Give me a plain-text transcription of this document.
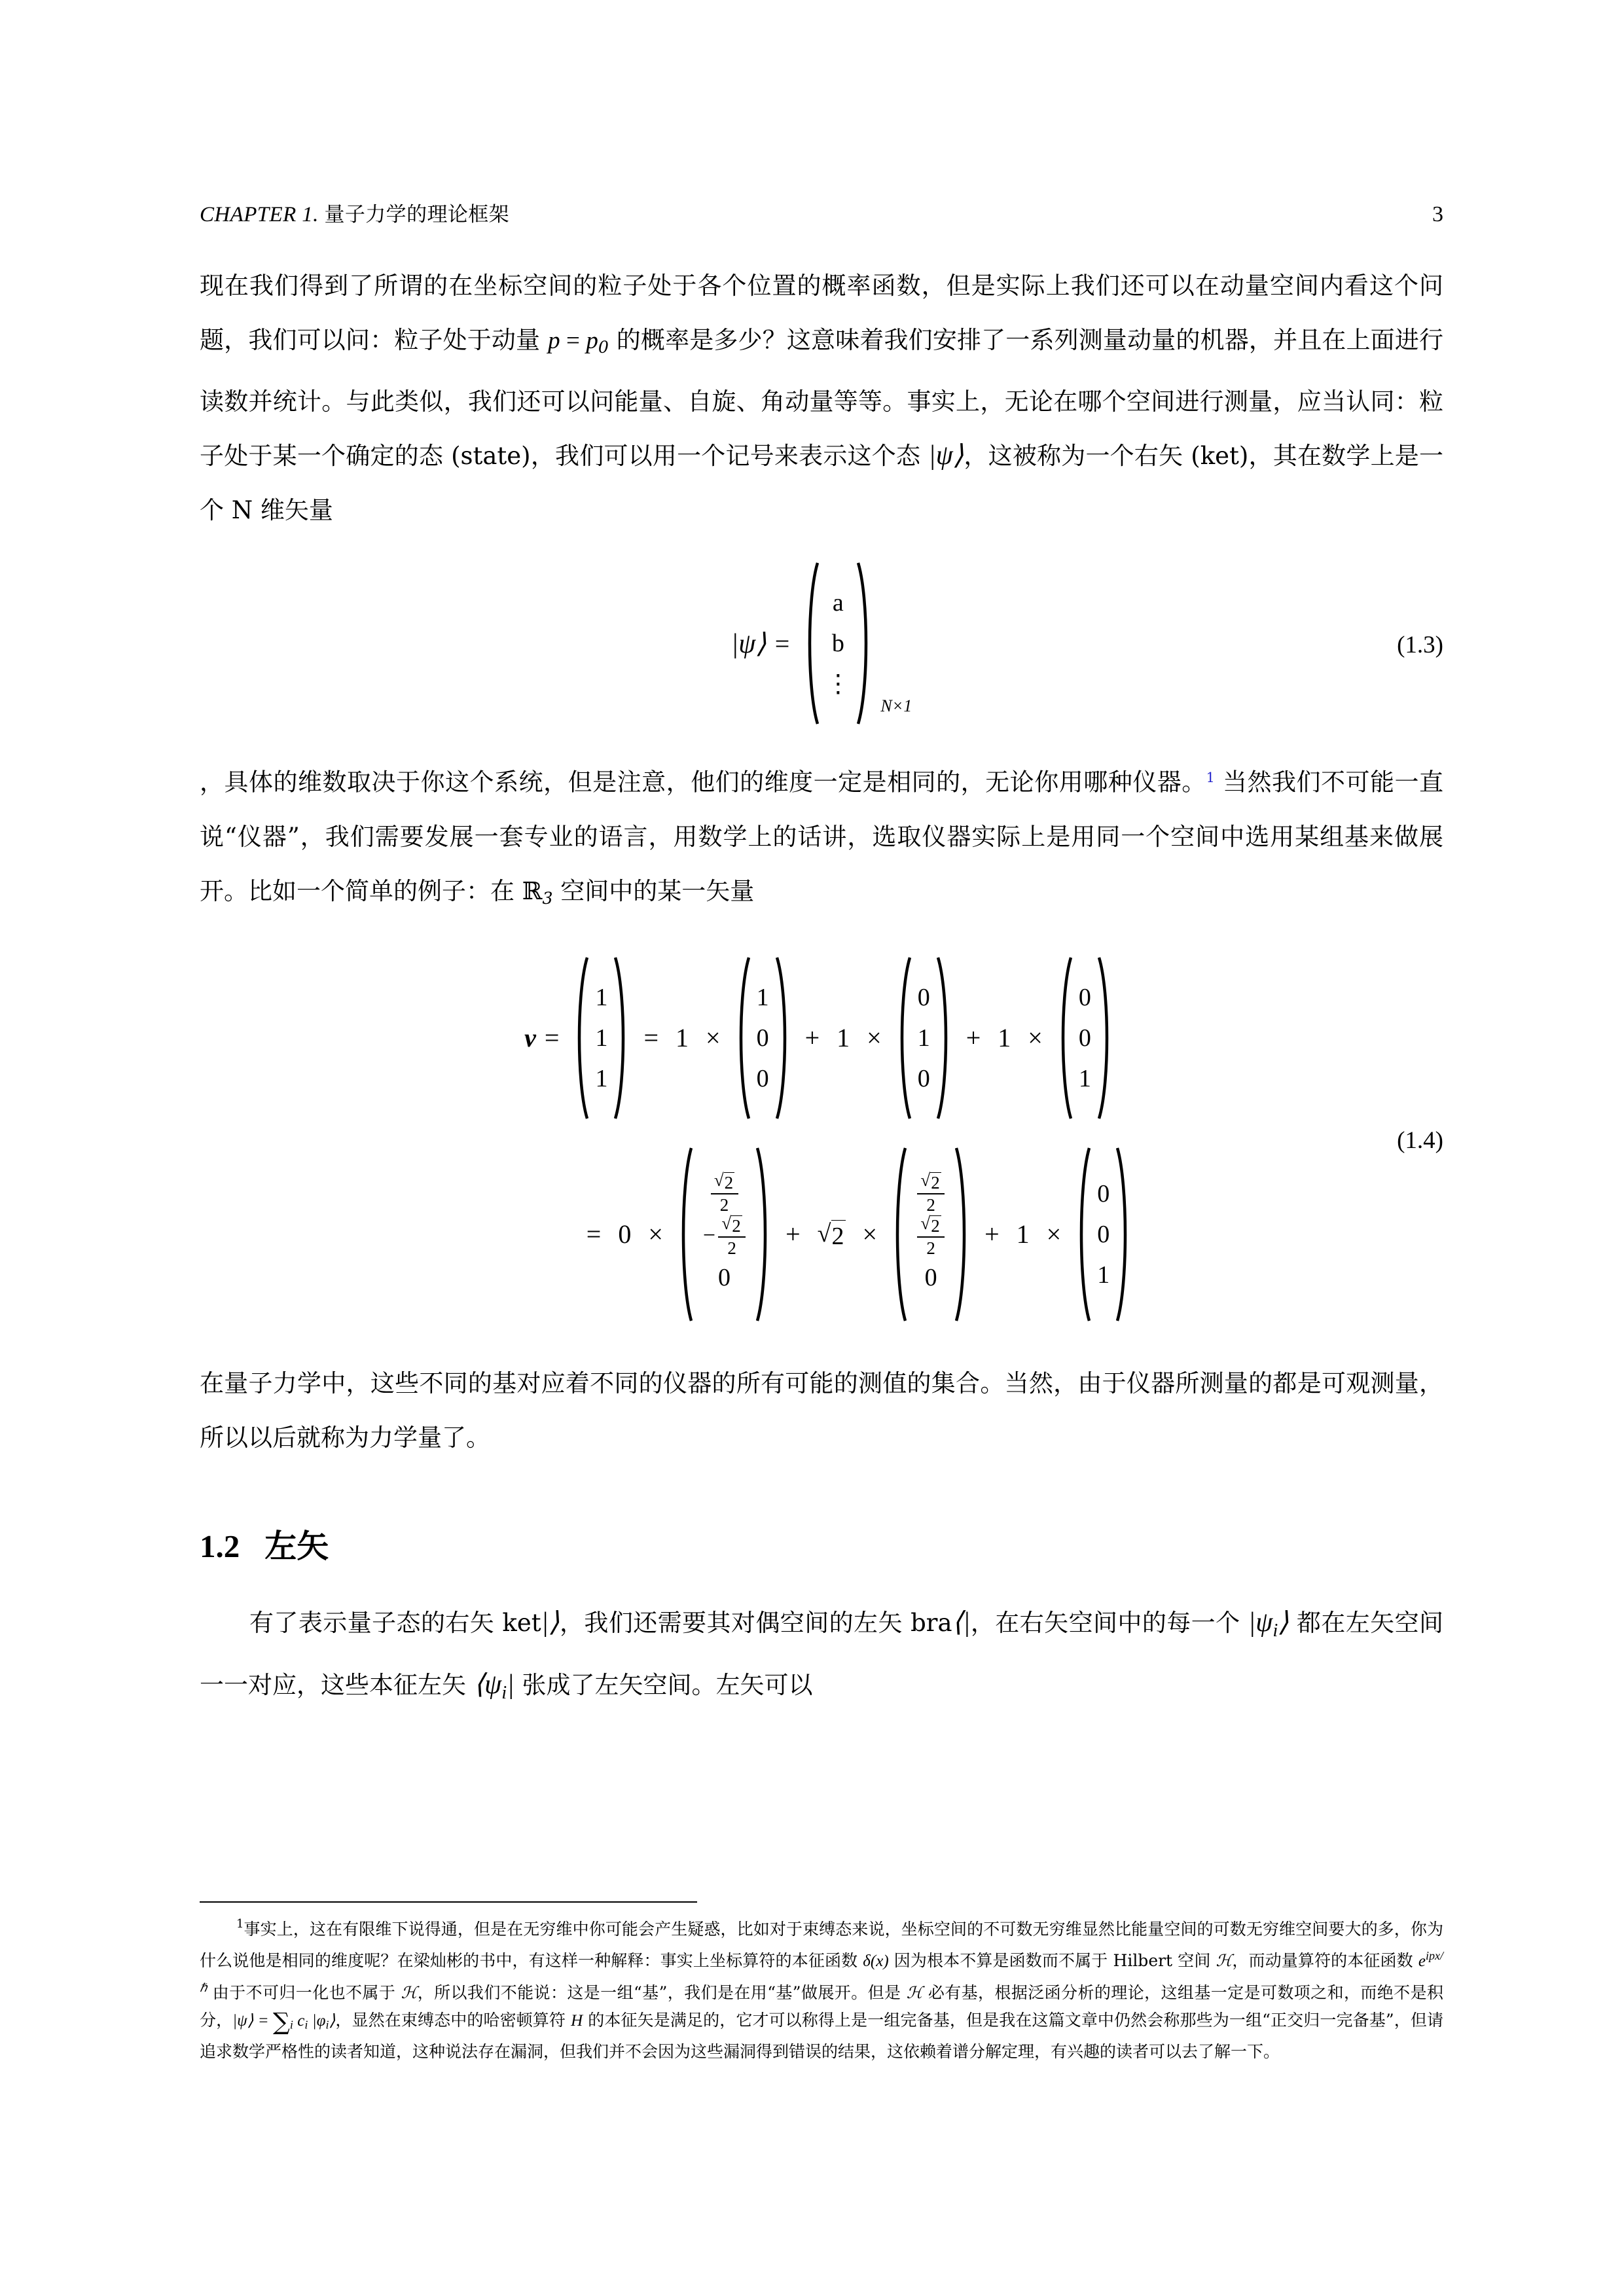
CHAPTER 1. 量子力学的理论框架	3

现在我们得到了所谓的在坐标空间的粒子处于各个位置的概率函数，但是实际上我们还可以在动量空间内看这个问题，我们可以问：粒子处于动量 $p = p_0$ 的概率是多少？这意味着我们安排了一系列测量动量的机器，并且在上面进行读数并统计。与此类似，我们还可以问能量、自旋、角动量等等。事实上，无论在哪个空间进行测量，应当认同：粒子处于某一个确定的态 (state)，我们可以用一个记号来表示这个态 |ψ⟩，这被称为一个右矢 (ket)，其在数学上是一个 N 维矢量

|ψ⟩ =
a
b
⋮
N×1
(1.3)

，具体的维数取决于你这个系统，但是注意，他们的维度一定是相同的，无论你用哪种仪器。$^1$ 当然我们不可能一直说“仪器”，我们需要发展一套专业的语言，用数学上的话讲，选取仪器实际上是用同一个空间中选用某组基来做展开。比如一个简单的例子：在 ℝ$_3$ 空间中的某一矢量

v =
1
1
1
= 1 ×
1
0
0
+ 1 ×
0
1
0
+ 1 ×
0
0
1
= 0 ×
$\frac{√ 2}{2}$
− $\frac{√ 2}{2}$
0
+ √ 2 ×
$\frac{√ 2}{2}$
$\frac{√ 2}{2}$
0
+ 1 ×
0
0
1
(1.4)

在量子力学中，这些不同的基对应着不同的仪器的所有可能的测值的集合。当然，由于仪器所测量的都是可观测量，所以以后就称为力学量了。

1.2 左矢

有了表示量子态的右矢 ket|⟩，我们还需要其对偶空间的左矢 bra⟨|，在右矢空间中的每一个 $|\psi_i⟩$ 都在左矢空间一一对应，这些本征左矢 $⟨\psi_i|$ 张成了左矢空间。左矢可以

$^1$事实上，这在有限维下说得通，但是在无穷维中你可能会产生疑惑，比如对于束缚态来说，坐标空间的不可数无穷维显然比能量空间的可数无穷维空间要大的多，你为什么说他是相同的维度呢？在梁灿彬的书中，有这样一种解释：事实上坐标算符的本征函数 δ(x) 因为根本不算是函数而不属于 Hilbert 空间 ℋ，而动量算符的本征函数 $e^{ipx/\hbar}$ 由于不可归一化也不属于 ℋ，所以我们不能说：这是一组“基”，我们是在用“基”做展开。但是 ℋ 必有基，根据泛函分析的理论，这组基一定是可数项之和，而绝不是积分，|ψ⟩ = ∑i ci |φi⟩，显然在束缚态中的哈密顿算符 H 的本征矢是满足的，它才可以称得上是一组完备基，但是我在这篇文章中仍然会称那些为一组“正交归一完备基”，但请追求数学严格性的读者知道，这种说法存在漏洞，但我们并不会因为这些漏洞得到错误的结果，这依赖着谱分解定理，有兴趣的读者可以去了解一下。
